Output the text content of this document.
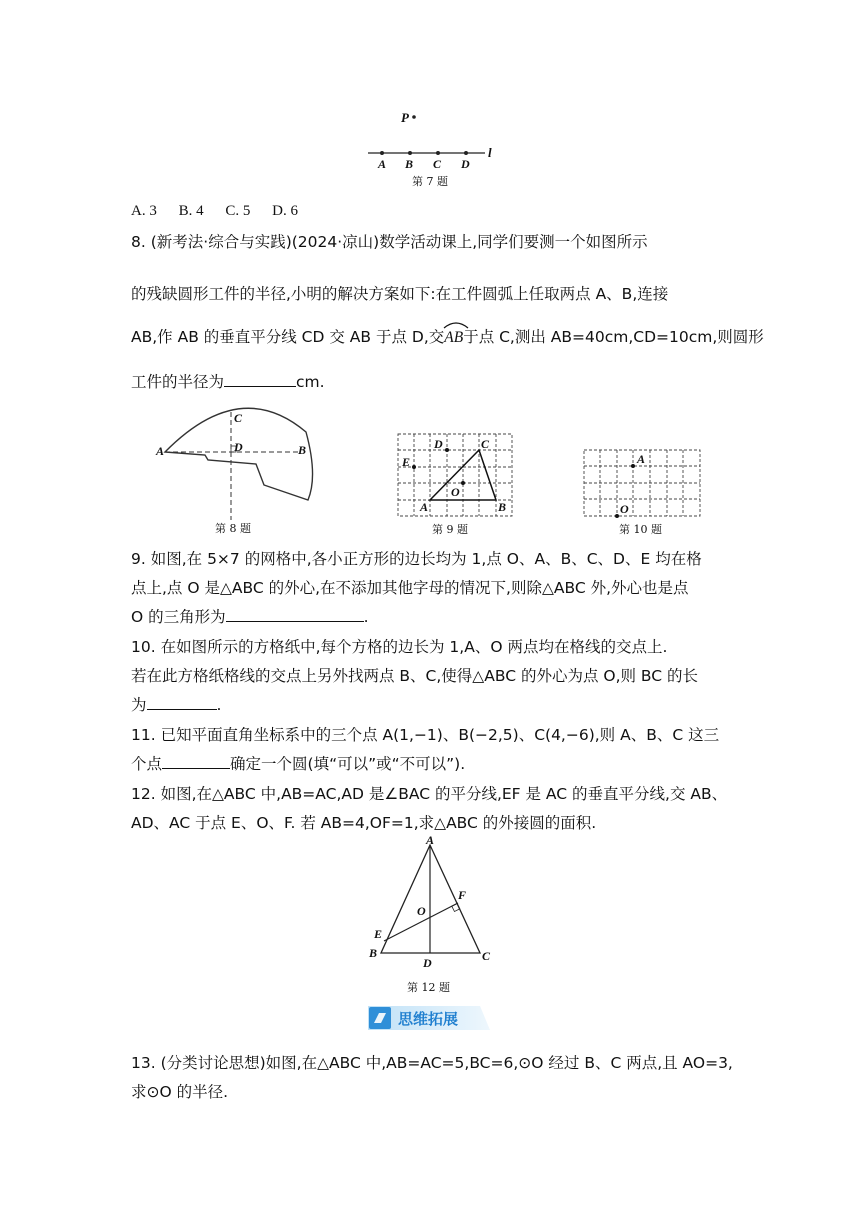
P
l
A B C D
第 7 题
A. 3 B. 4 C. 5 D. 6
8. (新考法·综合与实践)(2024·凉山)数学活动课上,同学们要测一个如图所示
的残缺圆形工件的半径,小明的解决方案如下:在工件圆弧上任取两点 A、B,连接
AB,作 AB 的垂直平分线 CD 交 AB 于点 D,交
AB于点 C,测出 AB=40cm,CD=10cm,则圆形
工件的半径为	cm.
A	B
C
D
第 8 题
D	C
E
O
A	B
第 9 题
A
O
第 10 题
9. 如图,在 5×7 的网格中,各小正方形的边长均为 1,点 O、A、B、C、D、E 均在格
点上,点 O 是△ABC 的外心,在不添加其他字母的情况下,则除△ABC 外,外心也是点
O 的三角形为	.
10. 在如图所示的方格纸中,每个方格的边长为 1,A、O 两点均在格线的交点上.
若在此方格纸格线的交点上另外找两点 B、C,使得△ABC 的外心为点 O,则 BC 的长
为	.
11. 已知平面直角坐标系中的三个点 A(1,−1)、B(−2,5)、C(4,−6),则 A、B、C 这三
个点	确定一个圆(填“可以”或“不可以”).
12. 如图,在△ABC 中,AB=AC,AD 是∠BAC 的平分线,EF 是 AC 的垂直平分线,交 AB、
AD、AC 于点 E、O、F. 若 AB=4,OF=1,求△ABC 的外接圆的面积.
A
F
O
E
B
D	C
第 12 题
思维拓展
13. (分类讨论思想)如图,在△ABC 中,AB=AC=5,BC=6,⊙O 经过 B、C 两点,且 AO=3,
求⊙O 的半径.
